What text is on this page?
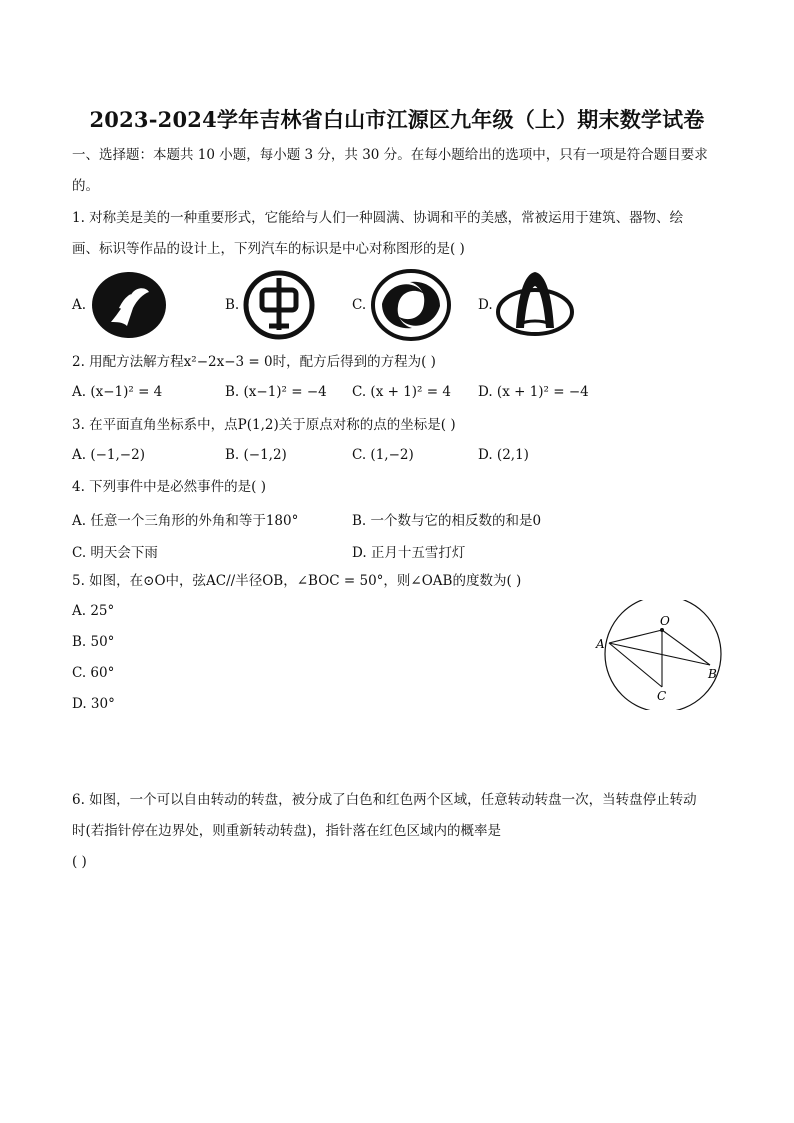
2023-2024学年吉林省白山市江源区九年级（上）期末数学试卷
一、选择题：本题共 10 小题，每小题 3 分，共 30 分。在每小题给出的选项中，只有一项是符合题目要求
的。
1. 对称美是美的一种重要形式，它能给与人们一种圆满、协调和平的美感，常被运用于建筑、器物、绘
画、标识等作品的设计上，下列汽车的标识是中心对称图形的是( )
A.	B.	C.	D.
2. 用配方法解方程x²−2x−3 = 0时，配方后得到的方程为( )
A. (x−1)² = 4	B. (x−1)² = −4 C. (x + 1)² = 4 D. (x + 1)² = −4
3. 在平面直角坐标系中，点P(1,2)关于原点对称的点的坐标是( )
A. (−1,−2)	B. (−1,2)	C. (1,−2)	D. (2,1)
4. 下列事件中是必然事件的是( )
A. 任意一个三角形的外角和等于180°	B. 一个数与它的相反数的和是0
C. 明天会下雨	D. 正月十五雪打灯
5. 如图，在⊙O中，弦AC//半径OB，∠BOC = 50°，则∠OAB的度数为( )
A. 25°
B. 50°
C. 60°
D. 30°
O
A
B
C
6. 如图，一个可以自由转动的转盘，被分成了白色和红色两个区域，任意转动转盘一次，当转盘停止转动
时(若指针停在边界处，则重新转动转盘)，指针落在红色区域内的概率是
( )
